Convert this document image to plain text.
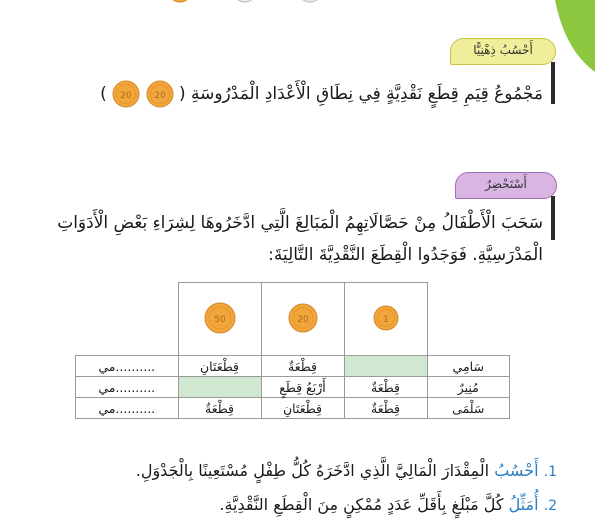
أَحْسُبُ ذِهْنِيًّا
مَجْمُوعُ قِيَمِ قِطَعٍ نَقْدِيَّةٍ فِي نِطَاقِ الْأَعْدَادِ الْمَدْرُوسَةِ (
20

20
)
أَسْتَحْضِرُ
سَحَبَ الْأَطْفَالُ مِنْ حَصَّالَاتِهِمُ الْمَبَالِغَ الَّتِي ادَّخَرُوهَا لِشِرَاءِ بَعْضِ الْأَدَوَاتِ
الْمَدْرَسِيَّةِ. فَوَجَدُوا الْقِطَعَ النَّقْدِيَّةَ التَّالِيَةَ:

1	20	50	

سَامِي		قِطْعَةٌ	قِطْعَتَانِ	..........مي
مُنِيرٌ	قِطْعَةٌ	أَرْبَعُ قِطَعٍ		..........مي
سَلْمَى	قِطْعَةٌ	قِطْعَتَانِ	قِطْعَةٌ	..........مي
1. أَحْسُبُ الْمِقْدَارَ الْمَالِيَّ الَّذِي ادَّخَرَهُ كُلُّ طِفْلٍ مُسْتَعِينًا بِالْجَدْوَلِ.
2. أُمَثِّلُ كُلَّ مَبْلَغٍ بِأَقَلِّ عَدَدٍ مُمْكِنٍ مِنَ الْقِطَعِ النَّقْدِيَّةِ.
